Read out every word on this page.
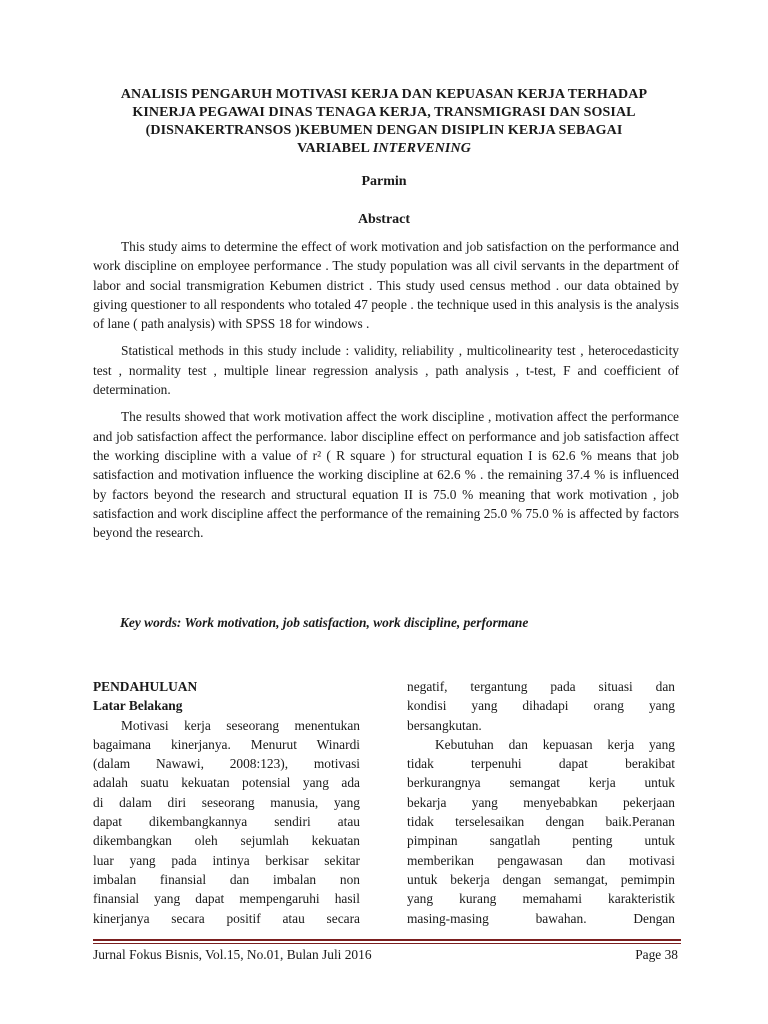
ANALISIS PENGARUH MOTIVASI KERJA DAN KEPUASAN KERJA TERHADAP
KINERJA PEGAWAI DINAS TENAGA KERJA, TRANSMIGRASI DAN SOSIAL
(DISNAKERTRANSOS )KEBUMEN DENGAN DISIPLIN KERJA SEBAGAI
VARIABEL INTERVENING
Parmin
Abstract

This study aims to determine the effect of work motivation and job satisfaction on the performance and work discipline on employee performance . The study population was all civil servants in the department of labor and social transmigration Kebumen district . This study used census method . our data obtained by giving questioner to all respondents who totaled 47 people . the technique used in this analysis is the analysis of lane ( path analysis) with SPSS 18 for windows .

Statistical methods in this study include : validity, reliability , multicolinearity test , heterocedasticity test , normality test , multiple linear regression analysis , path analysis , t-test, F and coefficient of determination.

The results showed that work motivation affect the work discipline , motivation affect the performance and job satisfaction affect the performance. labor discipline effect on performance and job satisfaction affect the working discipline with a value of r² ( R square ) for structural equation I is 62.6 % means that job satisfaction and motivation influence the working discipline at 62.6 % . the remaining 37.4 % is influenced by factors beyond the research and structural equation II is 75.0 % meaning that work motivation , job satisfaction and work discipline affect the performance of the remaining 25.0 % 75.0 % is affected by factors beyond the research.

Key words: Work motivation, job satisfaction, work discipline, performane
PENDAHULUAN
Latar Belakang
Motivasi kerja seseorang menentukan
bagaimana kinerjanya. Menurut Winardi
(dalam Nawawi, 2008:123), motivasi
adalah suatu kekuatan potensial yang ada
di dalam diri seseorang manusia, yang
dapat dikembangkannya sendiri atau
dikembangkan oleh sejumlah kekuatan
luar yang pada intinya berkisar sekitar
imbalan finansial dan imbalan non
finansial yang dapat mempengaruhi hasil
kinerjanya secara positif atau secara
negatif, tergantung pada situasi dan
kondisi yang dihadapi orang yang
bersangkutan.
Kebutuhan dan kepuasan kerja yang
tidak terpenuhi dapat berakibat
berkurangnya semangat kerja untuk
bekarja yang menyebabkan pekerjaan
tidak terselesaikan dengan baik.Peranan
pimpinan sangatlah penting untuk
memberikan pengawasan dan motivasi
untuk bekerja dengan semangat, pemimpin
yang kurang memahami karakteristik
masing-masing bawahan. Dengan
Jurnal Fokus Bisnis, Vol.15, No.01, Bulan Juli 2016	Page 38
